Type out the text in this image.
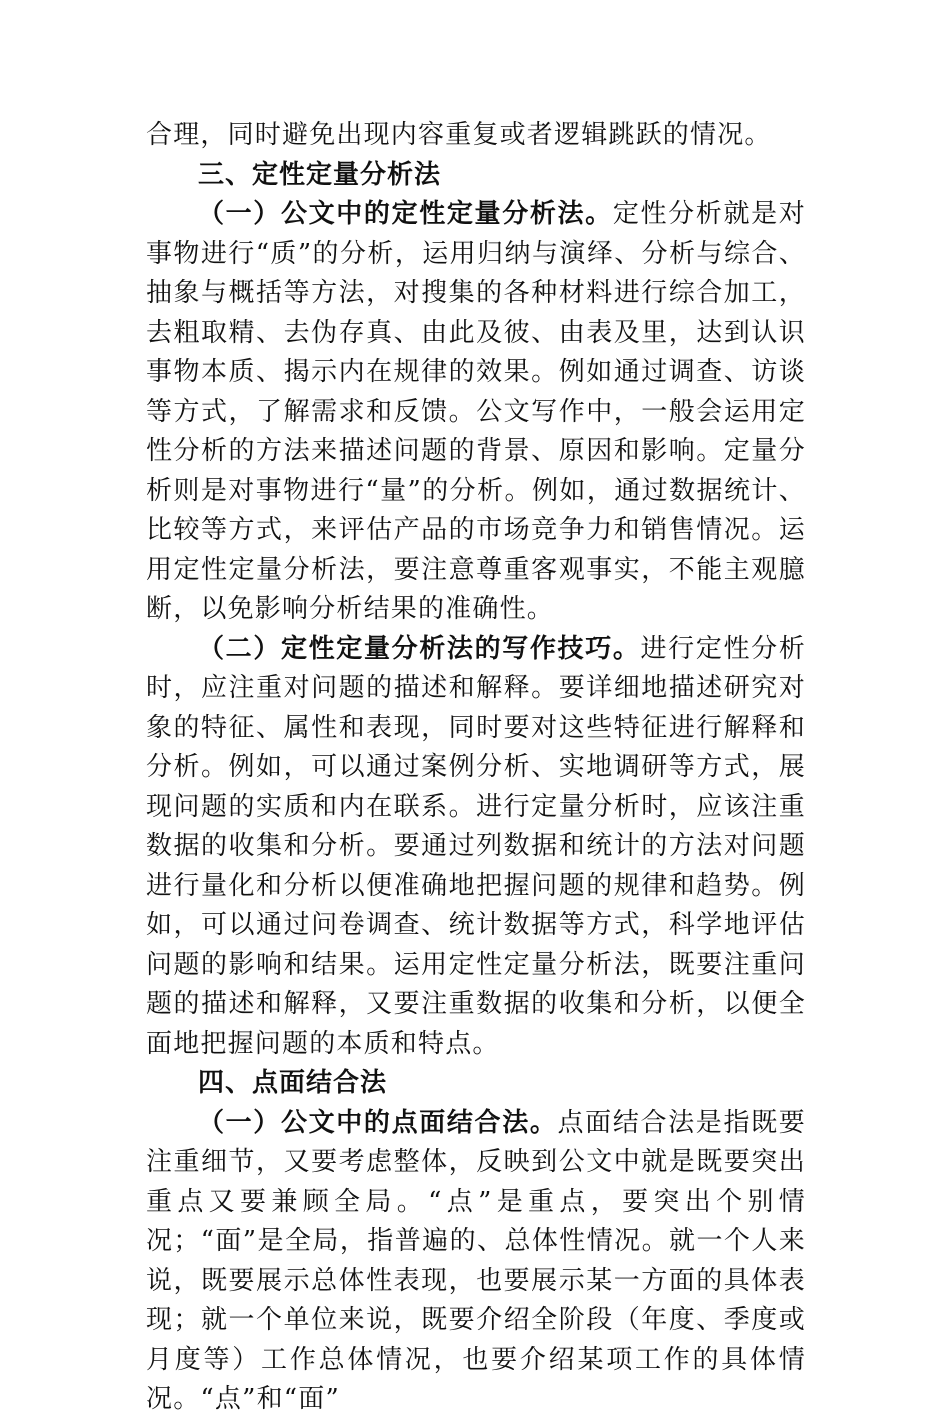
合理，同时避免出现内容重复或者逻辑跳跃的情况。

三、定性定量分析法

（一）公文中的定性定量分析法。定性分析就是对事物进行“质”的分析，运用归纳与演绎、分析与综合、抽象与概括等方法，对搜集的各种材料进行综合加工，去粗取精、去伪存真、由此及彼、由表及里，达到认识事物本质、揭示内在规律的效果。例如通过调查、访谈等方式，了解需求和反馈。公文写作中，一般会运用定性分析的方法来描述问题的背景、原因和影响。定量分析则是对事物进行“量”的分析。例如，通过数据统计、比较等方式，来评估产品的市场竞争力和销售情况。运用定性定量分析法，要注意尊重客观事实，不能主观臆断，以免影响分析结果的准确性。

（二）定性定量分析法的写作技巧。进行定性分析时，应注重对问题的描述和解释。要详细地描述研究对象的特征、属性和表现，同时要对这些特征进行解释和分析。例如，可以通过案例分析、实地调研等方式，展现问题的实质和内在联系。进行定量分析时，应该注重数据的收集和分析。要通过列数据和统计的方法对问题进行量化和分析以便准确地把握问题的规律和趋势。例如，可以通过问卷调查、统计数据等方式，科学地评估问题的影响和结果。运用定性定量分析法，既要注重问题的描述和解释，又要注重数据的收集和分析，以便全面地把握问题的本质和特点。

四、点面结合法

（一）公文中的点面结合法。点面结合法是指既要注重细节，又要考虑整体，反映到公文中就是既要突出重点又要兼顾全局。“点”是重点，要突出个别情况；“面”是全局，指普遍的、总体性情况。就一个人来说，既要展示总体性表现，也要展示某一方面的具体表现；就一个单位来说，既要介绍全阶段（年度、季度或月度等）工作总体情况，也要介绍某项工作的具体情况。“点”和“面”
